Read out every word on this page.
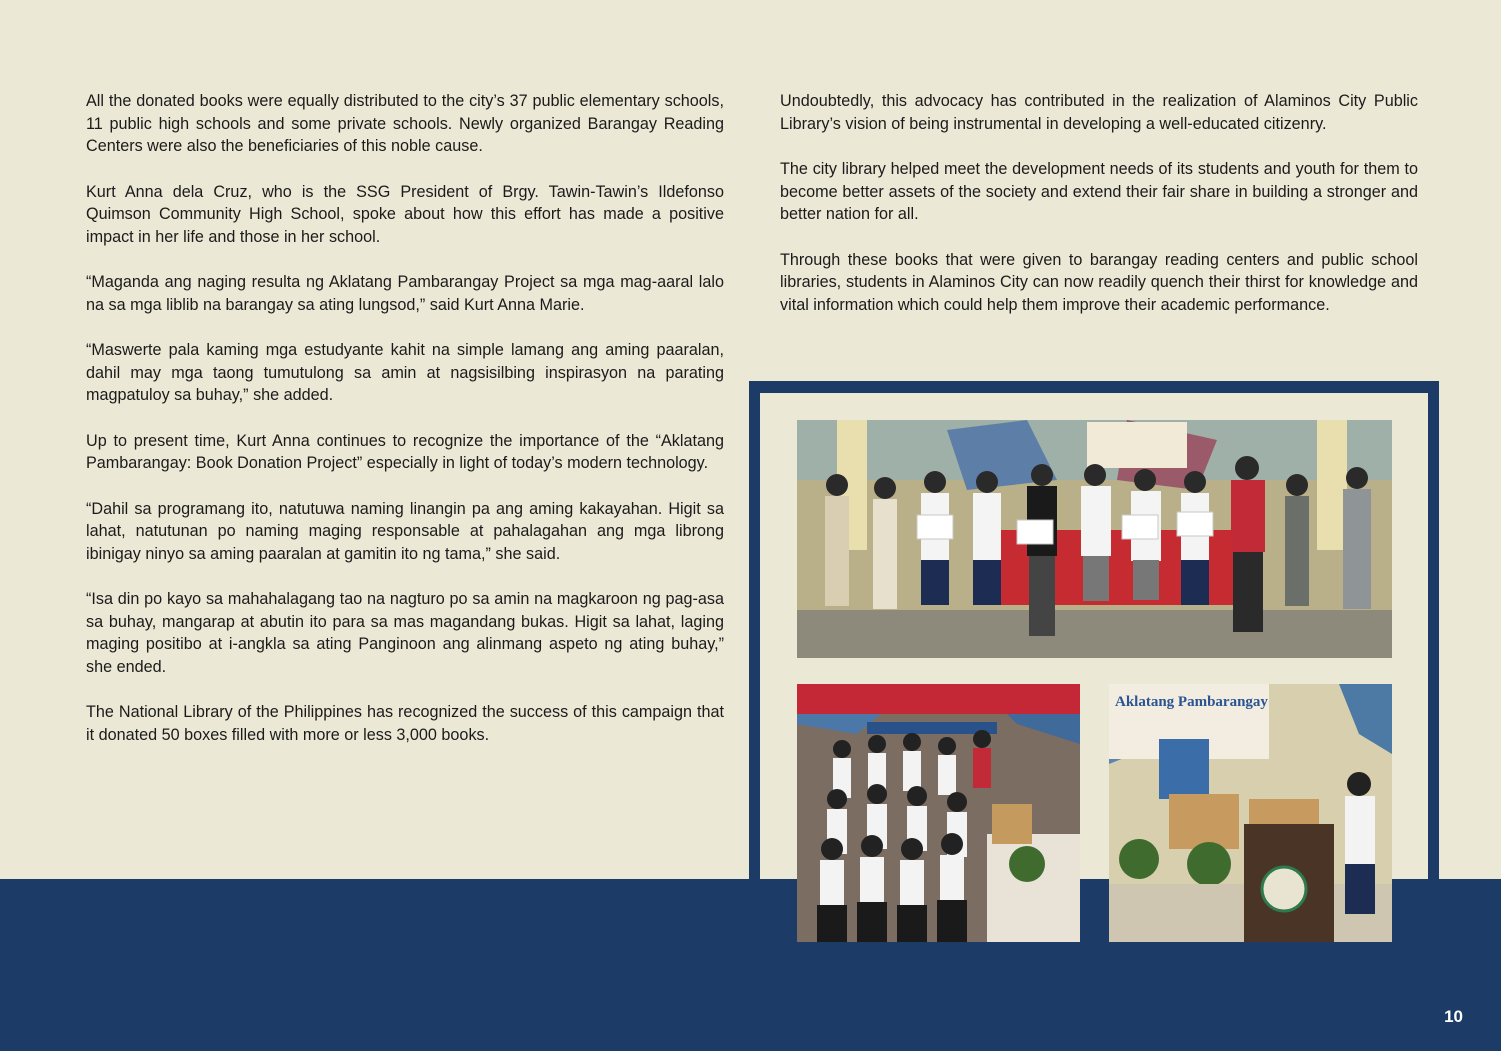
All the donated books were equally distributed to the city’s 37 public elementary schools, 11 public high schools and some private schools. Newly organized Barangay Reading Centers were also the beneficiaries of this noble cause.

Kurt Anna dela Cruz, who is the SSG President of Brgy. Tawin-Tawin’s Ildefonso Quimson Community High School, spoke about how this effort has made a positive impact in her life and those in her school.

“Maganda ang naging resulta ng Aklatang Pambarangay Project sa mga mag-aaral lalo na sa mga liblib na barangay sa ating lungsod,” said Kurt Anna Marie.

“Maswerte pala kaming mga estudyante kahit na simple lamang ang aming paaralan, dahil may mga taong tumutulong sa amin at nagsisilbing inspirasyon na parating magpatuloy sa buhay,” she added.

Up to present time, Kurt Anna continues to recognize the importance of the “Aklatang Pambarangay: Book Donation Project” especially in light of today’s modern technology.

“Dahil sa programang ito, natutuwa naming linangin pa ang aming kakayahan. Higit sa lahat, natutunan po naming maging responsable at pahalagahan ang mga librong ibinigay ninyo sa aming paaralan at gamitin ito ng tama,” she said.

“Isa din po kayo sa mahahalagang tao na nagturo po sa amin na magkaroon ng pag-asa sa buhay, mangarap at abutin ito para sa mas magandang bukas. Higit sa lahat, laging maging positibo at i-angkla sa ating Panginoon ang alinmang aspeto ng ating buhay,” she ended.

The National Library of the Philippines has recognized the success of this campaign that it donated 50 boxes filled with more or less 3,000 books.

Undoubtedly, this advocacy has contributed in the realization of Alaminos City Public Library’s vision of being instrumental in developing a well-educated citizenry.

The city library helped meet the development needs of its students and youth for them to become better assets of the society and extend their fair share in building a stronger and better nation for all.

Through these books that were given to barangay reading centers and public school libraries, students in Alaminos City can now readily quench their thirst for knowledge and vital information which could help them improve their academic performance.

10
Aklatang Pambarangay
